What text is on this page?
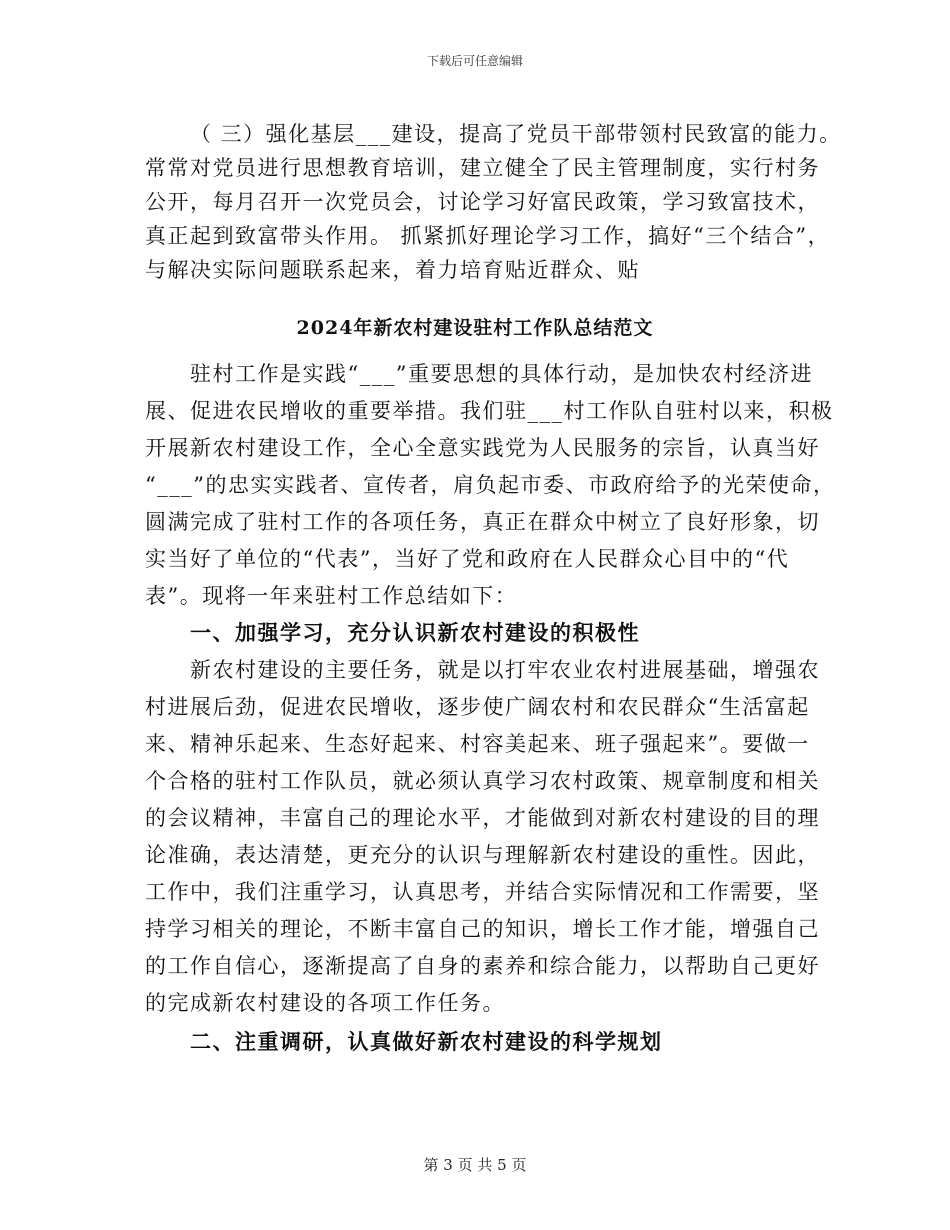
下载后可任意编辑
（ 三）强化基层___建设，提高了党员干部带领村民致富的能力。
常常对党员进行思想教育培训，建立健全了民主管理制度，实行村务
公开，每月召开一次党员会，讨论学习好富民政策，学习致富技术，
真正起到致富带头作用。 抓紧抓好理论学习工作，搞好“三个结合”，
与解决实际问题联系起来，着力培育贴近群众、贴
2024年新农村建设驻村工作队总结范文
驻村工作是实践“___”重要思想的具体行动，是加快农村经济进
展、促进农民增收的重要举措。我们驻___村工作队自驻村以来，积极
开展新农村建设工作，全心全意实践党为人民服务的宗旨，认真当好
“___”的忠实实践者、宣传者，肩负起市委、市政府给予的光荣使命，
圆满完成了驻村工作的各项任务，真正在群众中树立了良好形象，切
实当好了单位的“代表”，当好了党和政府在人民群众心目中的“代
表”。现将一年来驻村工作总结如下：
一、加强学习，充分认识新农村建设的积极性
新农村建设的主要任务，就是以打牢农业农村进展基础，增强农
村进展后劲，促进农民增收，逐步使广阔农村和农民群众“生活富起
来、精神乐起来、生态好起来、村容美起来、班子强起来”。要做一
个合格的驻村工作队员，就必须认真学习农村政策、规章制度和相关
的会议精神，丰富自己的理论水平，才能做到对新农村建设的目的理
论准确，表达清楚，更充分的认识与理解新农村建设的重性。因此，
工作中，我们注重学习，认真思考，并结合实际情况和工作需要，坚
持学习相关的理论，不断丰富自己的知识，增长工作才能，增强自己
的工作自信心，逐渐提高了自身的素养和综合能力，以帮助自己更好
的完成新农村建设的各项工作任务。
二、注重调研，认真做好新农村建设的科学规划
第 3 页 共 5 页
